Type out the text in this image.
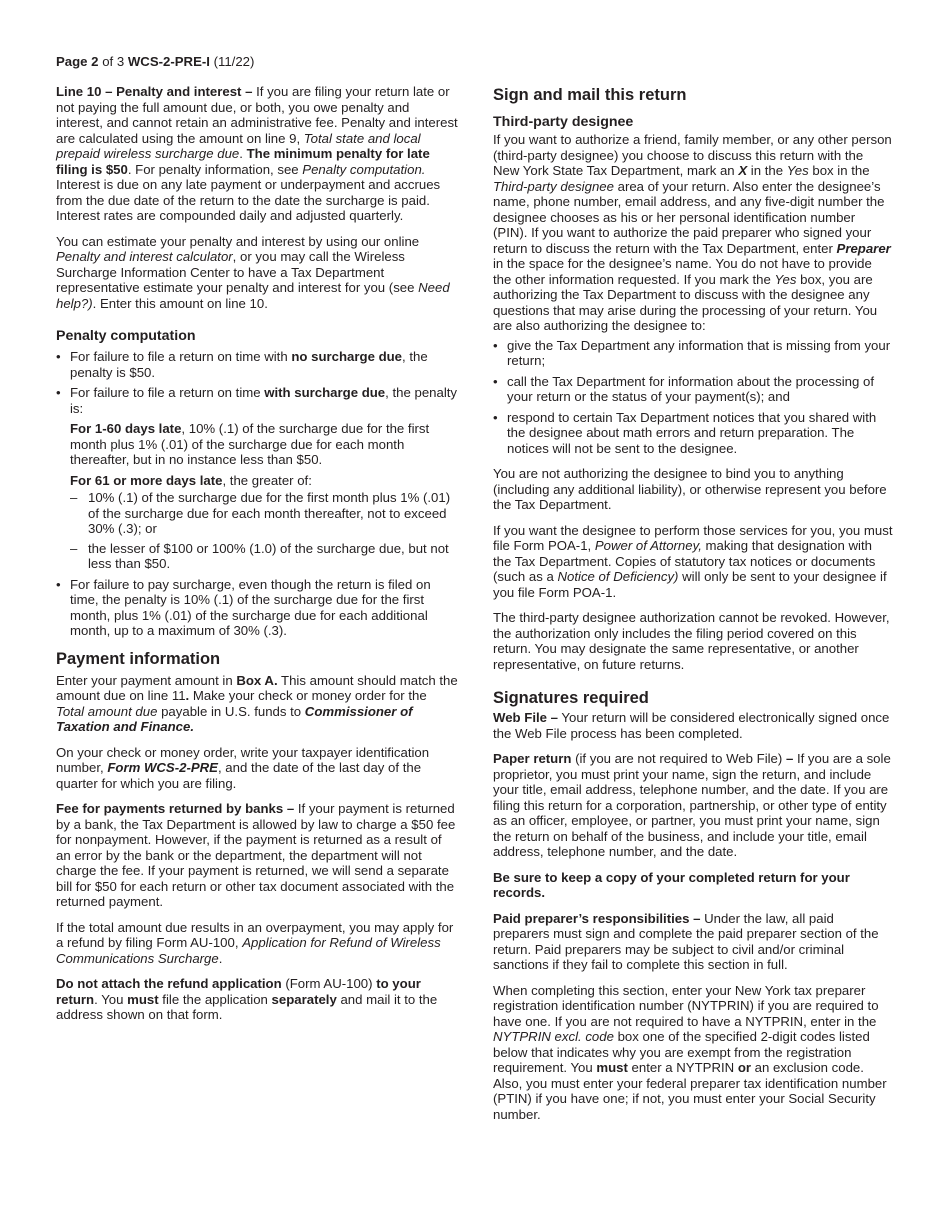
Page 2 of 3 WCS-2-PRE-I (11/22)

Line 10 – Penalty and interest – If you are filing your return late or not paying the full amount due, or both, you owe penalty and interest, and cannot retain an administrative fee. Penalty and interest are calculated using the amount on line 9, Total state and local prepaid wireless surcharge due. The minimum penalty for late filing is $50. For penalty information, see Penalty computation. Interest is due on any late payment or underpayment and accrues from the due date of the return to the date the surcharge is paid. Interest rates are compounded daily and adjusted quarterly.

You can estimate your penalty and interest by using our online Penalty and interest calculator, or you may call the Wireless Surcharge Information Center to have a Tax Department representative estimate your penalty and interest for you (see Need help?). Enter this amount on line 10.

Penalty computation
• For failure to file a return on time with no surcharge due, the penalty is $50.
• For failure to file a return on time with surcharge due, the penalty is:

For 1-60 days late, 10% (.1) of the surcharge due for the first month plus 1% (.01) of the surcharge due for each month thereafter, but in no instance less than $50.

For 61 or more days late, the greater of:

– 10% (.1) of the surcharge due for the first month plus 1% (.01) of the surcharge due for each month thereafter, not to exceed 30% (.3); or
– the lesser of $100 or 100% (1.0) of the surcharge due, but not less than $50.
• For failure to pay surcharge, even though the return is filed on time, the penalty is 10% (.1) of the surcharge due for the first month, plus 1% (.01) of the surcharge due for each additional month, up to a maximum of 30% (.3).
Payment information

Enter your payment amount in Box A. This amount should match the amount due on line 11. Make your check or money order for the Total amount due payable in U.S. funds to Commissioner of Taxation and Finance.

On your check or money order, write your taxpayer identification number, Form WCS-2-PRE, and the date of the last day of the quarter for which you are filing.

Fee for payments returned by banks – If your payment is returned by a bank, the Tax Department is allowed by law to charge a $50 fee for nonpayment. However, if the payment is returned as a result of an error by the bank or the department, the department will not charge the fee. If your payment is returned, we will send a separate bill for $50 for each return or other tax document associated with the returned payment.

If the total amount due results in an overpayment, you may apply for a refund by filing Form AU-100, Application for Refund of Wireless Communications Surcharge.

Do not attach the refund application (Form AU-100) to your return. You must file the application separately and mail it to the address shown on that form.

Sign and mail this return
Third-party designee

If you want to authorize a friend, family member, or any other person (third-party designee) you choose to discuss this return with the New York State Tax Department, mark an X in the Yes box in the Third-party designee area of your return. Also enter the designee’s name, phone number, email address, and any five-digit number the designee chooses as his or her personal identification number (PIN). If you want to authorize the paid preparer who signed your return to discuss the return with the Tax Department, enter Preparer in the space for the designee’s name. You do not have to provide the other information requested. If you mark the Yes box, you are authorizing the Tax Department to discuss with the designee any questions that may arise during the processing of your return. You are also authorizing the designee to:

• give the Tax Department any information that is missing from your return;
• call the Tax Department for information about the processing of your return or the status of your payment(s); and
• respond to certain Tax Department notices that you shared with the designee about math errors and return preparation. The notices will not be sent to the designee.

You are not authorizing the designee to bind you to anything (including any additional liability), or otherwise represent you before the Tax Department.

If you want the designee to perform those services for you, you must file Form POA-1, Power of Attorney, making that designation with the Tax Department. Copies of statutory tax notices or documents (such as a Notice of Deficiency) will only be sent to your designee if you file Form POA-1.

The third-party designee authorization cannot be revoked. However, the authorization only includes the filing period covered on this return. You may designate the same representative, or another representative, on future returns.

Signatures required

Web File – Your return will be considered electronically signed once the Web File process has been completed.

Paper return (if you are not required to Web File) – If you are a sole proprietor, you must print your name, sign the return, and include your title, email address, telephone number, and the date. If you are filing this return for a corporation, partnership, or other type of entity as an officer, employee, or partner, you must print your name, sign the return on behalf of the business, and include your title, email address, telephone number, and the date.

Be sure to keep a copy of your completed return for your records.

Paid preparer’s responsibilities – Under the law, all paid preparers must sign and complete the paid preparer section of the return. Paid preparers may be subject to civil and/or criminal sanctions if they fail to complete this section in full.

When completing this section, enter your New York tax preparer registration identification number (NYTPRIN) if you are required to have one. If you are not required to have a NYTPRIN, enter in the NYTPRIN excl. code box one of the specified 2-digit codes listed below that indicates why you are exempt from the registration requirement. You must enter a NYTPRIN or an exclusion code. Also, you must enter your federal preparer tax identification number (PTIN) if you have one; if not, you must enter your Social Security number.
